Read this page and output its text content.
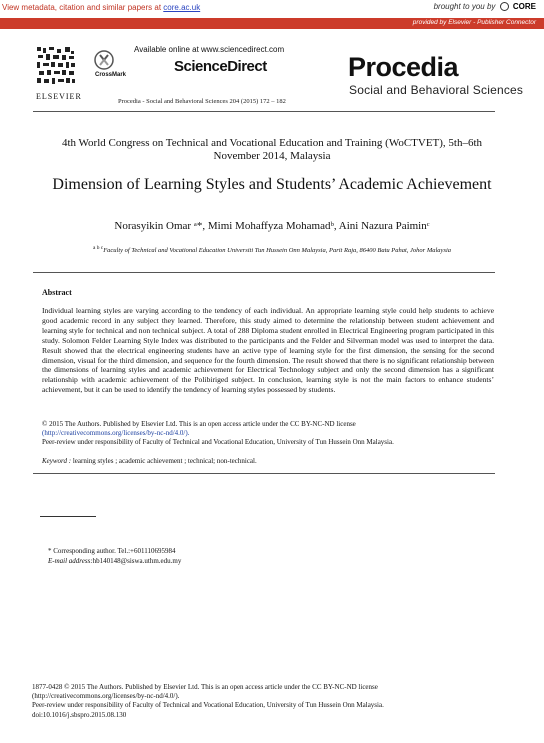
View metadata, citation and similar papers at core.ac.uk	brought to you by CORE
provided by Elsevier - Publisher Connector
CrossMark
ELSEVIER
Available online at www.sciencedirect.com
ScienceDirect
Procedia - Social and Behavioral Sciences 204 (2015) 172 – 182
Procedia
Social and Behavioral Sciences
4th World Congress on Technical and Vocational Education and Training (WoCTVET), 5th–6th November 2014, Malaysia
Dimension of Learning Styles and Students’ Academic Achievement
Norasyikin Omar ᵃ*, Mimi Mohaffyza Mohamadᵇ, Aini Nazura Paiminᶜ
$^{a b c}$Faculty of Technical and Vocational Education Universiti Tun Hussein Onn Malaysia, Parit Raja, 86400 Batu Pahat, Johor Malaysia
Abstract
Individual learning styles are varying according to the tendency of each individual. An appropriate learning style could help students to achieve good academic record in any subject they learned. Therefore, this study aimed to determine the relationship between student achievement and learning style for technical and non technical subject. A total of 288 Diploma student enrolled in Electrical Engineering program participated in this study. Solomon Felder Learning Style Index was distributed to the participants and the Felder and Silverman model was used to interpret the data. Result showed that the electrical engineering students have an active type of learning style for the first dimension, the sensing for the second dimension, visual for the third dimension, and sequence for the fourth dimension. The result showed that there is no significant relationship between the dimensions of learning styles and academic achievement for Electrical Technology subject and only the second dimension has a significant relationship with academic achievement of the Polibiriged subject. In conclusion, learning style is not the main factors to enhance students’ achievement, but it can be used to identify the tendency of learning styles possessed by students.
© 2015 The Authors. Published by Elsevier Ltd. This is an open access article under the CC BY-NC-ND license
(http://creativecommons.org/licenses/by-nc-nd/4.0/).
Peer-review under responsibility of Faculty of Technical and Vocational Education, University of Tun Hussein Onn Malaysia.
Keyword : learning styles ; academic achievement ; technical; non-technical.
* Corresponding author. Tel.:+601110695984
E-mail address:hb140148@siswa.uthm.edu.my
1877-0428 © 2015 The Authors. Published by Elsevier Ltd. This is an open access article under the CC BY-NC-ND license
(http://creativecommons.org/licenses/by-nc-nd/4.0/).
Peer-review under responsibility of Faculty of Technical and Vocational Education, University of Tun Hussein Onn Malaysia.
doi:10.1016/j.sbspro.2015.08.130
